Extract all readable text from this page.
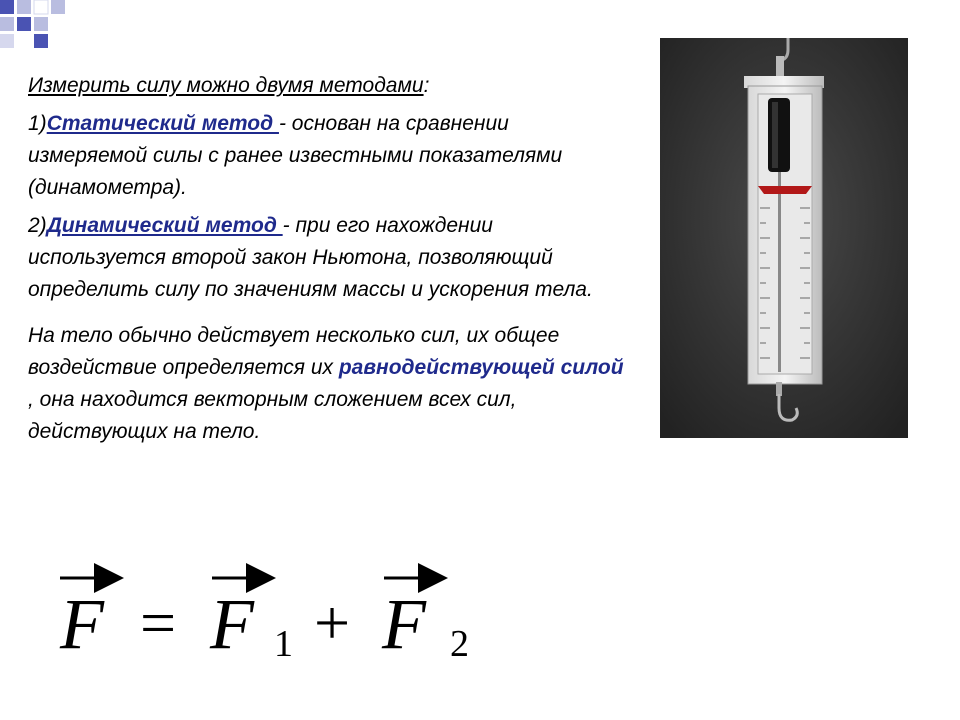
Измерить силу можно двумя методами:

1)Статический метод - основан на сравнении измеряемой силы с ранее известными показателями (динамометра).

2)Динамический метод - при его нахождении используется второй закон Ньютона, позволяющий определить силу по значениям массы и ускорения тела.

На тело обычно действует несколько сил, их общее воздействие определяется их равнодействующей силой , она находится векторным сложением всех сил, действующих на тело.

F = F 1 + F 2
